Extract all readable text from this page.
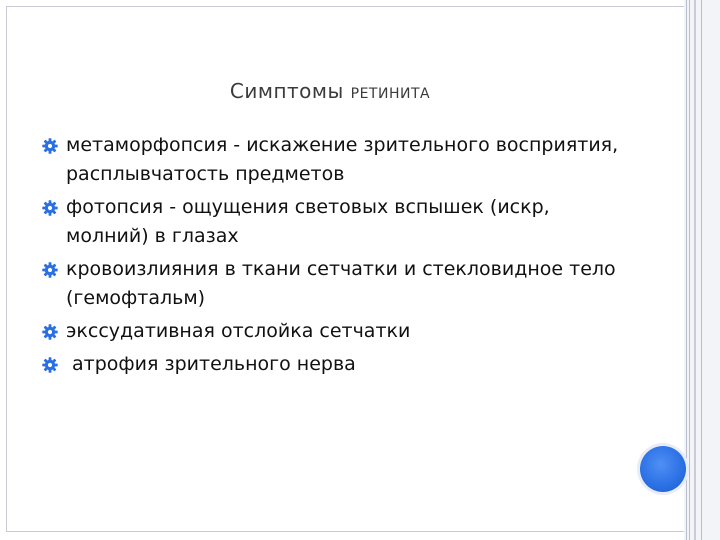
Симптомы РЕТИНИТА
метаморфопсия - искажение зрительного восприятия, расплывчатость предметов
фотопсия - ощущения световых вспышек (искр, молний) в глазах
кровоизлияния в ткани сетчатки и стекловидное тело (гемофтальм)
экссудативная отслойка сетчатки
атрофия зрительного нерва
